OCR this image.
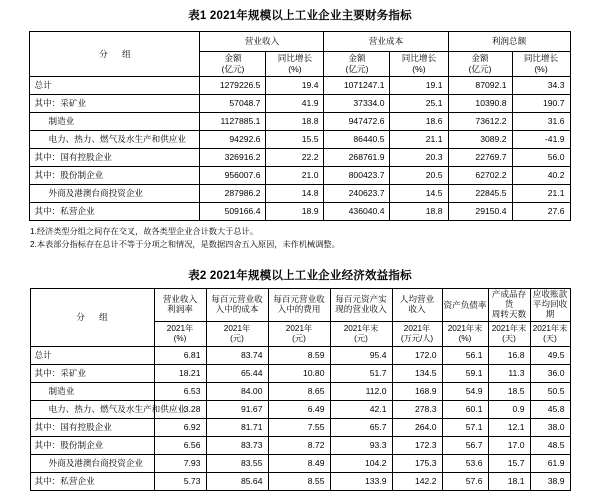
表1 2021年规模以上工业企业主要财务指标
分 组	营业收入		营业成本		利润总额	

金额
(亿元)

同比增长
(%)

金额
(亿元)

同比增长
(%)

金额
(亿元)

同比增长
(%)

总计	1279226.5	19.4	1071247.1	19.1	87092.1	34.3
其中：采矿业	57048.7	41.9	37334.0	25.1	10390.8	190.7
制造业	1127885.1	18.8	947472.6	18.6	73612.2	31.6
电力、热力、燃气及水生产和供应业	94292.6	15.5	86440.5	21.1	3089.2	-41.9
其中：国有控股企业	326916.2	22.2	268761.9	20.3	22769.7	56.0
其中：股份制企业	956007.6	21.0	800423.7	20.5	62702.2	40.2
外商及港澳台商投资企业	287986.2	14.8	240623.7	14.5	22845.5	21.1
其中：私营企业	509166.4	18.9	436040.4	18.8	29150.4	27.6
1.经济类型分组之间存在交叉，故各类型企业合计数大于总计。
2.本表部分指标存在总计不等于分项之和情况，是数据四舍五入原因，未作机械调整。
表2 2021年规模以上工业企业经济效益指标
分 组	
营业收入
利润率

每百元营业收
入中的成本

每百元营业收
入中的费用

每百元资产实
现的营业收入

人均营业
收入	资产负债率

产成品存货
周转天数

应收账款
平均回收期

2021年
(%)

2021年
(元)

2021年
(元)

2021年末
(元)

2021年
(万元/人)

2021年末
(%)

2021年末
(天)

2021年末
(天)

总计	6.81	83.74	8.59	95.4	172.0	56.1	16.8	49.5
其中：采矿业	18.21	65.44	10.80	51.7	134.5	59.1	11.3	36.0
制造业	6.53	84.00	8.65	112.0	168.9	54.9	18.5	50.5
电力、热力、燃气及水生产和供应业	3.28	91.67	6.49	42.1	278.3	60.1	0.9	45.8
其中：国有控股企业	6.92	81.71	7.55	65.7	264.0	57.1	12.1	38.0
其中：股份制企业	6.56	83.73	8.72	93.3	172.3	56.7	17.0	48.5
外商及港澳台商投资企业	7.93	83.55	8.49	104.2	175.3	53.6	15.7	61.9
其中：私营企业	5.73	85.64	8.55	133.9	142.2	57.6	18.1	38.9
